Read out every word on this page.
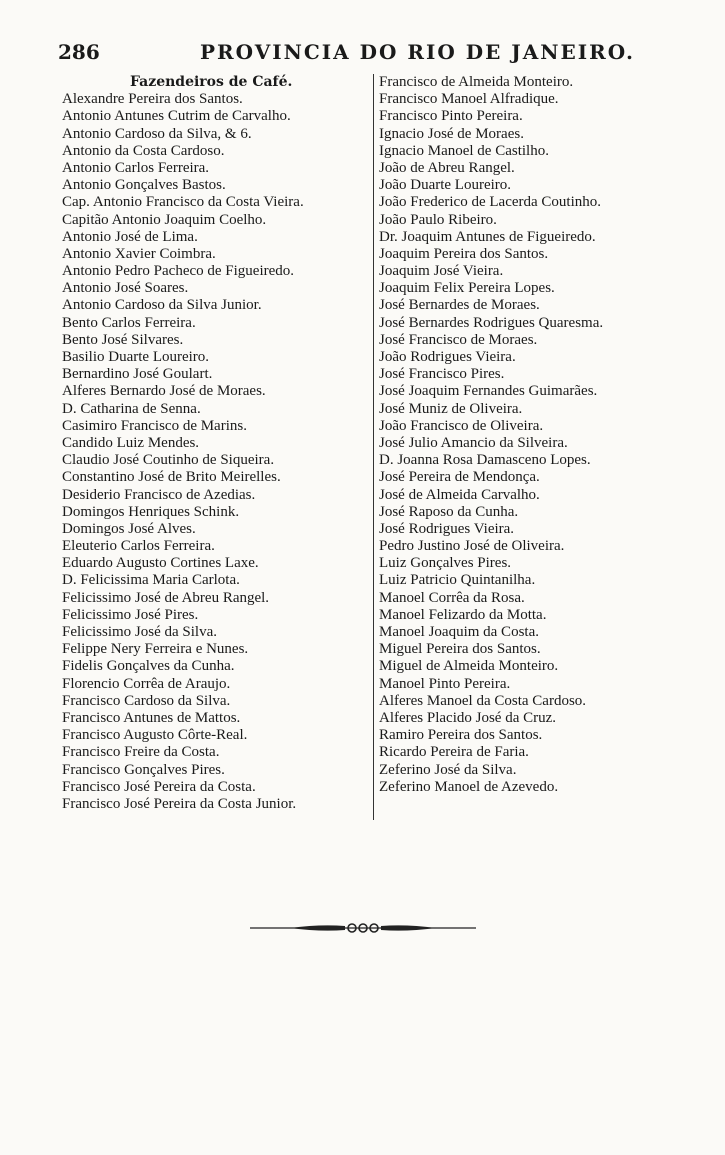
286	PROVINCIA DO RIO DE JANEIRO.
Fazendeiros de Café.
Alexandre Pereira dos Santos.
Antonio Antunes Cutrim de Carvalho.
Antonio Cardoso da Silva, & 6.
Antonio da Costa Cardoso.
Antonio Carlos Ferreira.
Antonio Gonçalves Bastos.
Cap. Antonio Francisco da Costa Vieira.
Capitão Antonio Joaquim Coelho.
Antonio José de Lima.
Antonio Xavier Coimbra.
Antonio Pedro Pacheco de Figueiredo.
Antonio José Soares.
Antonio Cardoso da Silva Junior.
Bento Carlos Ferreira.
Bento José Silvares.
Basilio Duarte Loureiro.
Bernardino José Goulart.
Alferes Bernardo José de Moraes.
D. Catharina de Senna.
Casimiro Francisco de Marins.
Candido Luiz Mendes.
Claudio José Coutinho de Siqueira.
Constantino José de Brito Meirelles.
Desiderio Francisco de Azedias.
Domingos Henriques Schink.
Domingos José Alves.
Eleuterio Carlos Ferreira.
Eduardo Augusto Cortines Laxe.
D. Felicissima Maria Carlota.
Felicissimo José de Abreu Rangel.
Felicissimo José Pires.
Felicissimo José da Silva.
Felippe Nery Ferreira e Nunes.
Fidelis Gonçalves da Cunha.
Florencio Corrêa de Araujo.
Francisco Cardoso da Silva.
Francisco Antunes de Mattos.
Francisco Augusto Côrte-Real.
Francisco Freire da Costa.
Francisco Gonçalves Pires.
Francisco José Pereira da Costa.
Francisco José Pereira da Costa Junior.
Francisco de Almeida Monteiro.
Francisco Manoel Alfradique.
Francisco Pinto Pereira.
Ignacio José de Moraes.
Ignacio Manoel de Castilho.
João de Abreu Rangel.
João Duarte Loureiro.
João Frederico de Lacerda Coutinho.
João Paulo Ribeiro.
Dr. Joaquim Antunes de Figueiredo.
Joaquim Pereira dos Santos.
Joaquim José Vieira.
Joaquim Felix Pereira Lopes.
José Bernardes de Moraes.
José Bernardes Rodrigues Quaresma.
José Francisco de Moraes.
João Rodrigues Vieira.
José Francisco Pires.
José Joaquim Fernandes Guimarães.
José Muniz de Oliveira.
João Francisco de Oliveira.
José Julio Amancio da Silveira.
D. Joanna Rosa Damasceno Lopes.
José Pereira de Mendonça.
José de Almeida Carvalho.
José Raposo da Cunha.
José Rodrigues Vieira.
Pedro Justino José de Oliveira.
Luiz Gonçalves Pires.
Luiz Patricio Quintanilha.
Manoel Corrêa da Rosa.
Manoel Felizardo da Motta.
Manoel Joaquim da Costa.
Miguel Pereira dos Santos.
Miguel de Almeida Monteiro.
Manoel Pinto Pereira.
Alferes Manoel da Costa Cardoso.
Alferes Placido José da Cruz.
Ramiro Pereira dos Santos.
Ricardo Pereira de Faria.
Zeferino José da Silva.
Zeferino Manoel de Azevedo.
